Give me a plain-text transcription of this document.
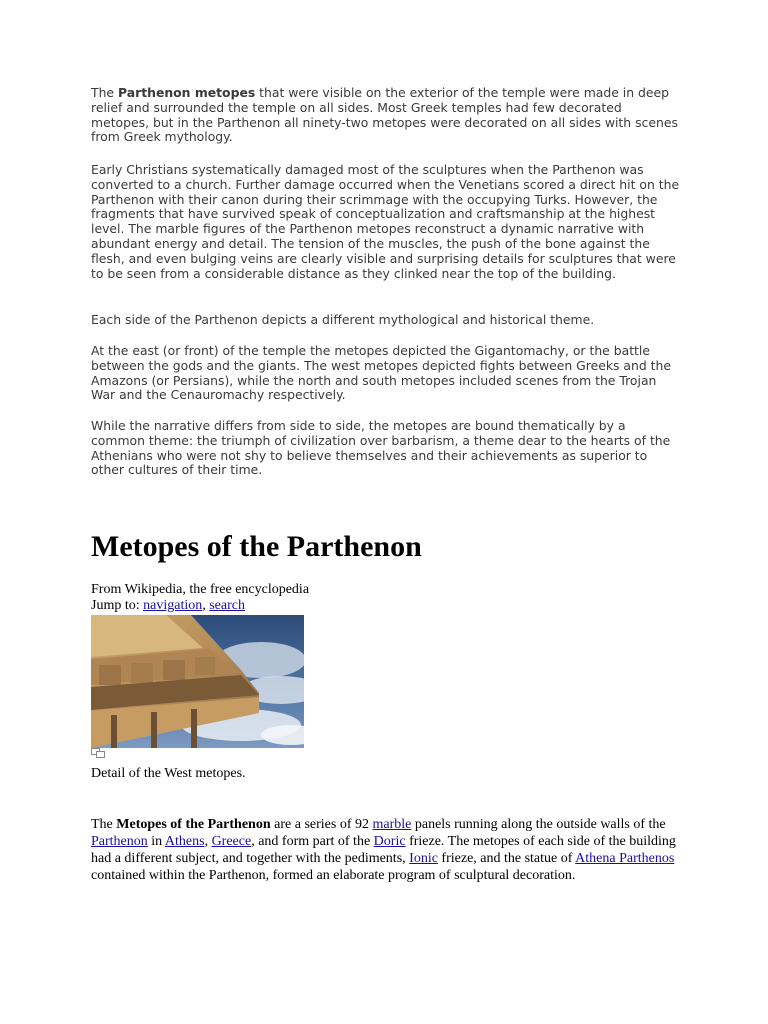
The Parthenon metopes that were visible on the exterior of the temple were made in deep relief and surrounded the temple on all sides. Most Greek temples had few decorated metopes, but in the Parthenon all ninety-two metopes were decorated on all sides with scenes from Greek mythology.

Early Christians systematically damaged most of the sculptures when the Parthenon was converted to a church. Further damage occurred when the Venetians scored a direct hit on the Parthenon with their canon during their scrimmage with the occupying Turks. However, the fragments that have survived speak of conceptualization and craftsmanship at the highest level. The marble figures of the Parthenon metopes reconstruct a dynamic narrative with abundant energy and detail. The tension of the muscles, the push of the bone against the flesh, and even bulging veins are clearly visible and surprising details for sculptures that were to be seen from a considerable distance as they clinked near the top of the building.

Each side of the Parthenon depicts a different mythological and historical theme.

At the east (or front) of the temple the metopes depicted the Gigantomachy, or the battle between the gods and the giants. The west metopes depicted fights between Greeks and the Amazons (or Persians), while the north and south metopes included scenes from the Trojan War and the Cenauromachy respectively.

While the narrative differs from side to side, the metopes are bound thematically by a common theme: the triumph of civilization over barbarism, a theme dear to the hearts of the Athenians who were not shy to believe themselves and their achievements as superior to other cultures of their time.

Metopes of the Parthenon
From Wikipedia, the free encyclopedia
Jump to: navigation, search
Detail of the West metopes.

The Metopes of the Parthenon are a series of 92 marble panels running along the outside walls of the Parthenon in Athens, Greece, and form part of the Doric frieze. The metopes of each side of the building had a different subject, and together with the pediments, Ionic frieze, and the statue of Athena Parthenos contained within the Parthenon, formed an elaborate program of sculptural decoration.
